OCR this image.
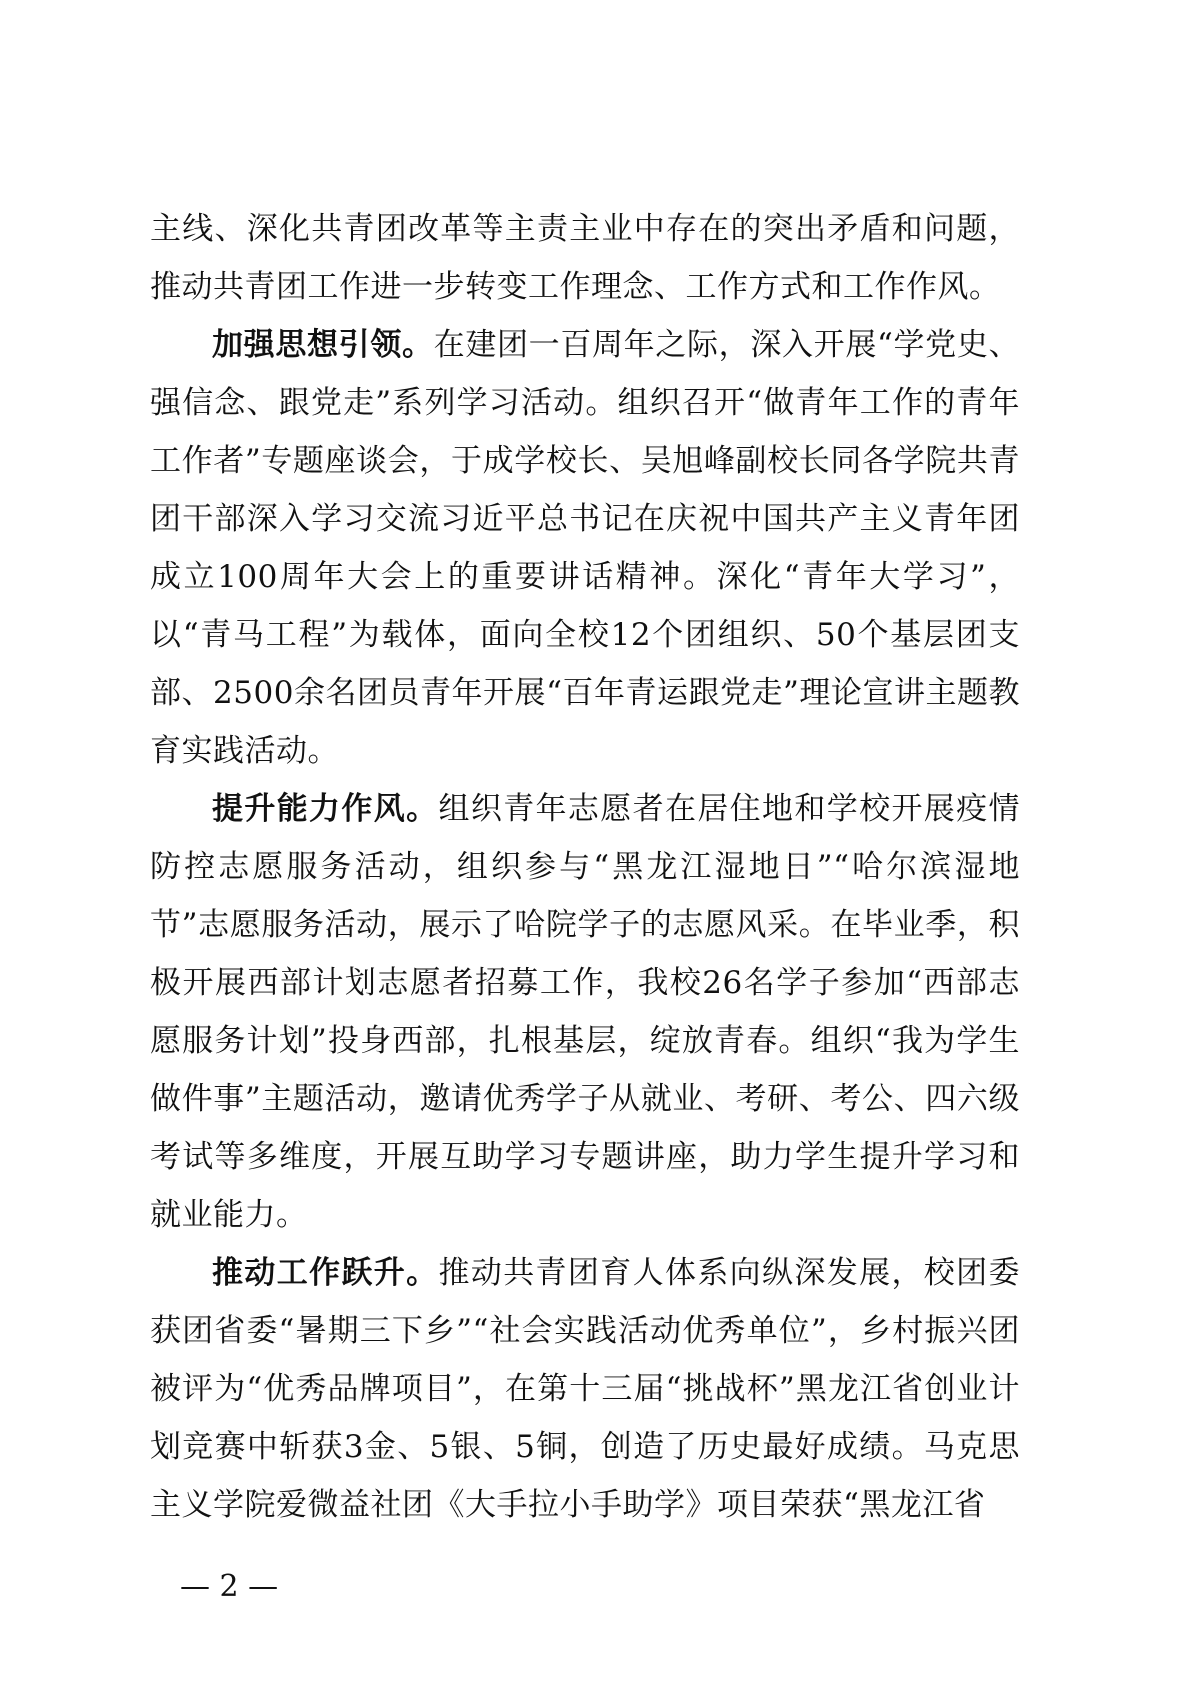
主线、深化共青团改革等主责主业中存在的突出矛盾和问题，推动共青团工作进一步转变工作理念、工作方式和工作作风。

加强思想引领。在建团一百周年之际，深入开展“学党史、强信念、跟党走”系列学习活动。组织召开“做青年工作的青年工作者”专题座谈会，于成学校长、吴旭峰副校长同各学院共青团干部深入学习交流习近平总书记在庆祝中国共产主义青年团成立100周年大会上的重要讲话精神。深化“青年大学习”，以“青马工程”为载体，面向全校12个团组织、50个基层团支部、2500余名团员青年开展“百年青运跟党走”理论宣讲主题教育实践活动。

提升能力作风。组织青年志愿者在居住地和学校开展疫情防控志愿服务活动，组织参与“黑龙江湿地日”“哈尔滨湿地节”志愿服务活动，展示了哈院学子的志愿风采。在毕业季，积极开展西部计划志愿者招募工作，我校26名学子参加“西部志愿服务计划”投身西部，扎根基层，绽放青春。组织“我为学生做件事”主题活动，邀请优秀学子从就业、考研、考公、四六级考试等多维度，开展互助学习专题讲座，助力学生提升学习和就业能力。

推动工作跃升。推动共青团育人体系向纵深发展，校团委获团省委“暑期三下乡”“社会实践活动优秀单位”，乡村振兴团被评为“优秀品牌项目”，在第十三届“挑战杯”黑龙江省创业计划竞赛中斩获3金、5银、5铜，创造了历史最好成绩。马克思主义学院爱微益社团《大手拉小手助学》项目荣获“黑龙江省

— 2 —
